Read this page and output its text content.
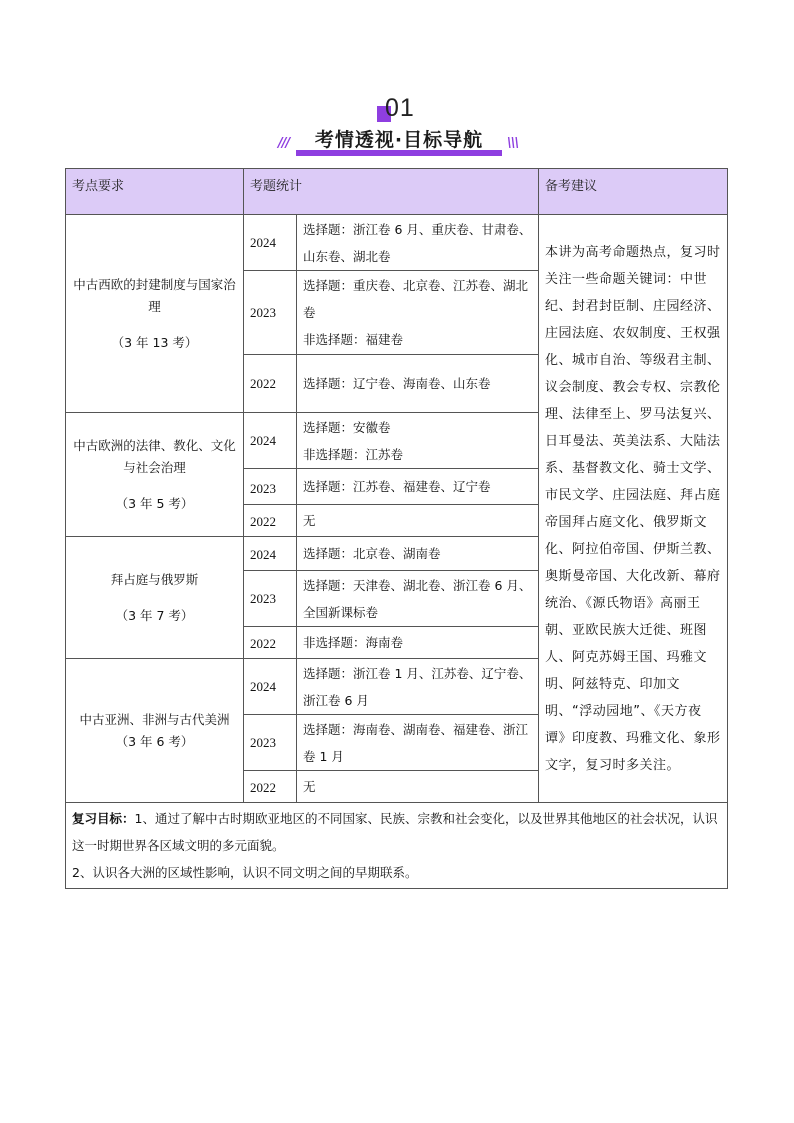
01
///	考情透视·目标导航	\\\
考点要求	考题统计		备考建议
中古西欧的封建制度与国家治理
（3 年 13 考）	2024	选择题：浙江卷 6 月、重庆卷、甘肃卷、山东卷、湖北卷	本讲为高考命题热点，复习时关注一些命题关键词：中世纪、封君封臣制、庄园经济、庄园法庭、农奴制度、王权强化、城市自治、等级君主制、议会制度、教会专权、宗教伦理、法律至上、罗马法复兴、日耳曼法、英美法系、大陆法系、基督教文化、骑士文学、市民文学、庄园法庭、拜占庭帝国拜占庭文化、俄罗斯文化、阿拉伯帝国、伊斯兰教、奥斯曼帝国、大化改新、幕府统治、《源氏物语》高丽王朝、亚欧民族大迁徙、班图人、阿克苏姆王国、玛雅文明、阿兹特克、印加文明、“浮动园地”、《天方夜谭》印度教、玛雅文化、象形文字，复习时多关注。
	2023	选择题：重庆卷、北京卷、江苏卷、湖北卷
非选择题：福建卷	
	2022	选择题：辽宁卷、海南卷、山东卷	
中古欧洲的法律、教化、文化与社会治理
（3 年 5 考）	2024	选择题：安徽卷
非选择题：江苏卷	
	2023	选择题：江苏卷、福建卷、辽宁卷	
	2022	无	
拜占庭与俄罗斯
（3 年 7 考）	2024	选择题：北京卷、湖南卷	
	2023	选择题：天津卷、湖北卷、浙江卷 6 月、全国新课标卷	
	2022	非选择题：海南卷	
中古亚洲、非洲与古代美洲
（3 年 6 考）	2024	选择题：浙江卷 1 月、江苏卷、辽宁卷、浙江卷 6 月	
	2023	选择题：海南卷、湖南卷、福建卷、浙江卷 1 月	
	2022	无	
复习目标：1、通过了解中古时期欧亚地区的不同国家、民族、宗教和社会变化，以及世界其他地区的社会状况，认识这一时期世界各区域文明的多元面貌。
2、认识各大洲的区域性影响，认识不同文明之间的早期联系。			
